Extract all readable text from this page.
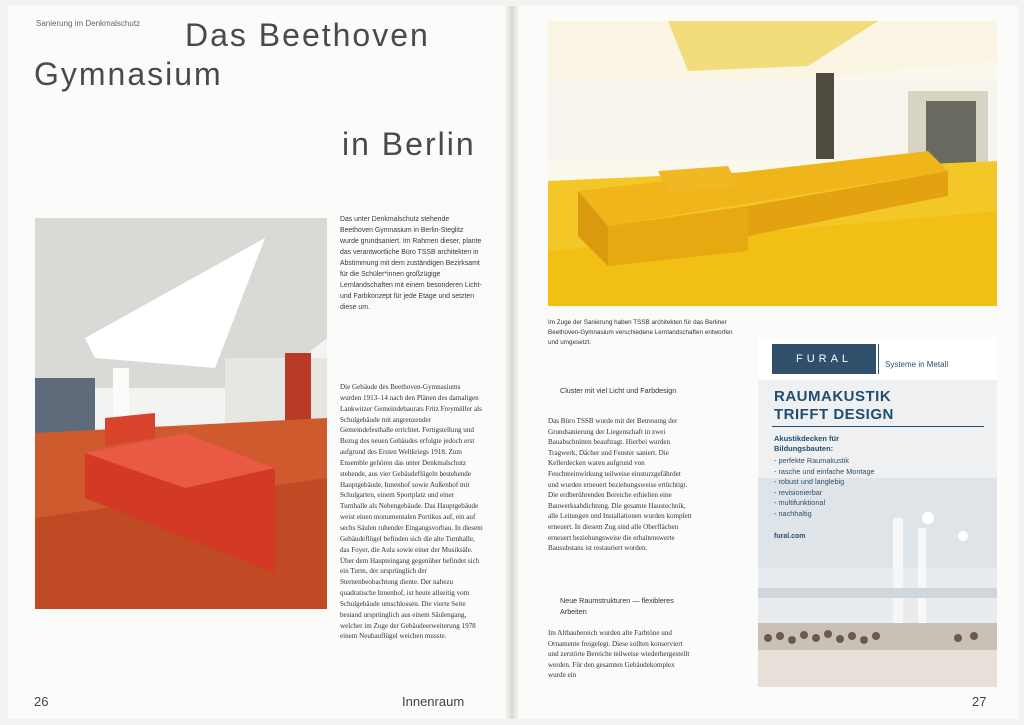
Sanierung im Denkmalschutz Das Beethoven
Gymnasium
in Berlin

Das unter Denkmalschutz stehende Beethoven Gymnasium in Berlin-Steglitz wurde grundsaniert. Im Rahmen dieser, plante das verantwortliche Büro TSSB architekten in Abstimmung mit dem zuständigen Bezirksamt für die Schüler*innen großzügige Lernlandschaften mit einem besonderen Licht- und Farbkonzept für jede Etage und setzten diese um.

Die Gebäude des Beethoven-Gymnasiums wurden 1913–14 nach den Plänen des damaligen Lankwitzer Gemeindebaurats Fritz Freymüller als Schulgebäude mit angrenzender Gemeindefesthalle errichtet. Fertigstellung und Bezug des neuen Gebäudes erfolgte jedoch erst aufgrund des Ersten Weltkriegs 1918. Zum Ensemble gehören das unter Denkmalschutz stehende, aus vier Gebäudeflügeln bestehende Hauptgebäude, Innenhof sowie Außenhof mit Schulgarten, einem Sportplatz und einer Turnhalle als Nebengebäude. Das Hauptgebäude weist einen monumentalen Portikus auf, ein auf sechs Säulen ruhender Eingangsvorbau. In diesem Gebäudeflügel befinden sich die alte Turnhalle, das Foyer, die Aula sowie einer der Musiksäle. Über dem Haupteingang gegenüber befindet sich ein Turm, der ursprünglich der Sternenbeobachtung diente. Der nahezu quadratische Innenhof, ist heute allseitig vom Schulgebäude umschlossen. Die vierte Seite bestand ursprünglich aus einem Säulengang, welcher im Zuge der Gebäudeerweiterung 1978 einem Neubauflügel weichen musste.

26	Innenraum

Im Zuge der Sanierung haben TSSB architekten für das Berliner Beethoven-Gymnasium verschiedene Lernlandschaften entworfen und umgesetzt.

Cluster mit viel Licht und Farbdesign

Das Büro TSSB wurde mit der Betreuung der Grundsanierung der Liegenschaft in zwei Bauabschnitten beauftragt. Hierbei wurden Tragwerk, Dächer und Fenster saniert. Die Kellerdecken waren aufgrund von Feuchteeinwirkung teilweise einsturzgefährdet und wurden erneuert beziehungsweise ertüchtigt. Die erdberührenden Bereiche erhielten eine Bauwerksabdichtung. Die gesamte Haustechnik, alle Leitungen und Installationen wurden komplett erneuert. In diesem Zug sind alle Oberflächen erneuert beziehungsweise die erhaltenswerte Bausubstans ist restauriert worden.

Neue Raumstrukturen — flexibleres Arbeiten

Im Altbaubereich wurden alte Farbtöne und Ornamente freigelegt. Diese sollten konserviert und zerstörte Bereiche teilweise wiederhergestellt werden. Für den gesamten Gebäudekomplex wurde ein

27
FURAL	Systeme in Metall
RAUMAKUSTIK
TRIFFT DESIGN
Akustikdecken für
Bildungsbauten:
- perfekte Raumakustik
- rasche und einfache Montage
- robust und langlebig
- revisionierbar
- multifunktional
- nachhaltig
fural.com
